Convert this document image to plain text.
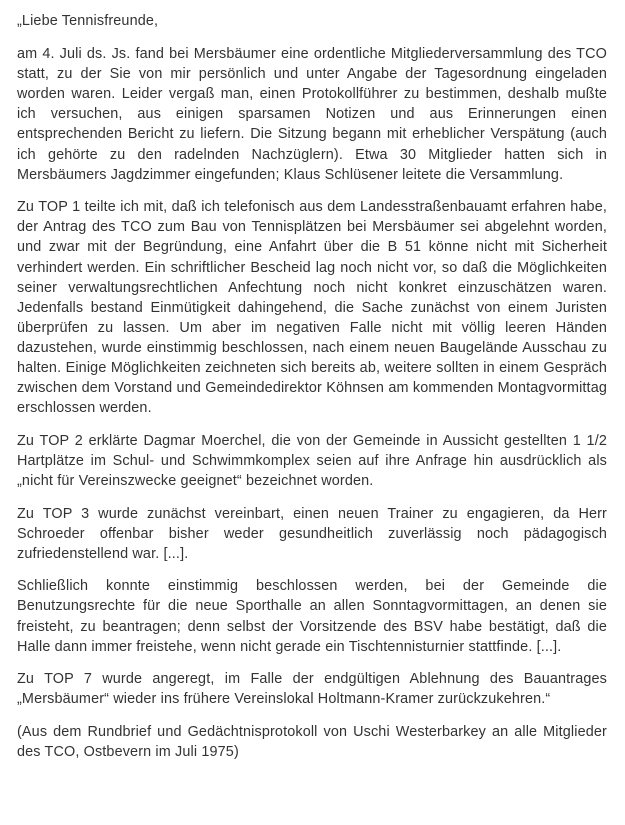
„Liebe Tennisfreunde,

am 4. Juli ds. Js. fand bei Mersbäumer eine ordentliche Mitgliederversammlung des TCO statt, zu der Sie von mir persönlich und unter Angabe der Tagesordnung eingeladen worden waren. Leider vergaß man, einen Protokollführer zu bestimmen, deshalb mußte ich versuchen, aus einigen sparsamen Notizen und aus Erinnerungen einen entsprechenden Bericht zu liefern. Die Sitzung begann mit erheblicher Verspätung (auch ich gehörte zu den radelnden Nachzüglern). Etwa 30 Mitglieder hatten sich in Mersbäumers Jagdzimmer eingefunden; Klaus Schlüsener leitete die Versammlung.

Zu TOP 1 teilte ich mit, daß ich telefonisch aus dem Landesstraßenbauamt erfahren habe, der Antrag des TCO zum Bau von Tennisplätzen bei Mersbäumer sei abgelehnt worden, und zwar mit der Begründung, eine Anfahrt über die B 51 könne nicht mit Sicherheit verhindert werden. Ein schriftlicher Bescheid lag noch nicht vor, so daß die Möglichkeiten seiner verwaltungsrechtlichen Anfechtung noch nicht konkret einzuschätzen waren. Jedenfalls bestand Einmütigkeit dahingehend, die Sache zunächst von einem Juristen überprüfen zu lassen. Um aber im negativen Falle nicht mit völlig leeren Händen dazustehen, wurde einstimmig beschlossen, nach einem neuen Baugelände Ausschau zu halten. Einige Möglichkeiten zeichneten sich bereits ab, weitere sollten in einem Gespräch zwischen dem Vorstand und Gemeindedirektor Köhnsen am kommenden Montagvormittag erschlossen werden.

Zu TOP 2 erklärte Dagmar Moerchel, die von der Gemeinde in Aussicht gestellten 1 1/2 Hartplätze im Schul- und Schwimmkomplex seien auf ihre Anfrage hin ausdrücklich als „nicht für Vereinszwecke geeignet“ bezeichnet worden.

Zu TOP 3 wurde zunächst vereinbart, einen neuen Trainer zu engagieren, da Herr Schroeder offenbar bisher weder gesundheitlich zuverlässig noch pädagogisch zufriedenstellend war. [...].

Schließlich konnte einstimmig beschlossen werden, bei der Gemeinde die Benutzungsrechte für die neue Sporthalle an allen Sonntagvormittagen, an denen sie freisteht, zu beantragen; denn selbst der Vorsitzende des BSV habe bestätigt, daß die Halle dann immer freistehe, wenn nicht gerade ein Tischtennisturnier stattfinde. [...].

Zu TOP 7 wurde angeregt, im Falle der endgültigen Ablehnung des Bauantrages „Mersbäumer“ wieder ins frühere Vereinslokal Holtmann-Kramer zurückzukehren.“

(Aus dem Rundbrief und Gedächtnisprotokoll von Uschi Westerbarkey an alle Mitglieder des TCO, Ostbevern im Juli 1975)
